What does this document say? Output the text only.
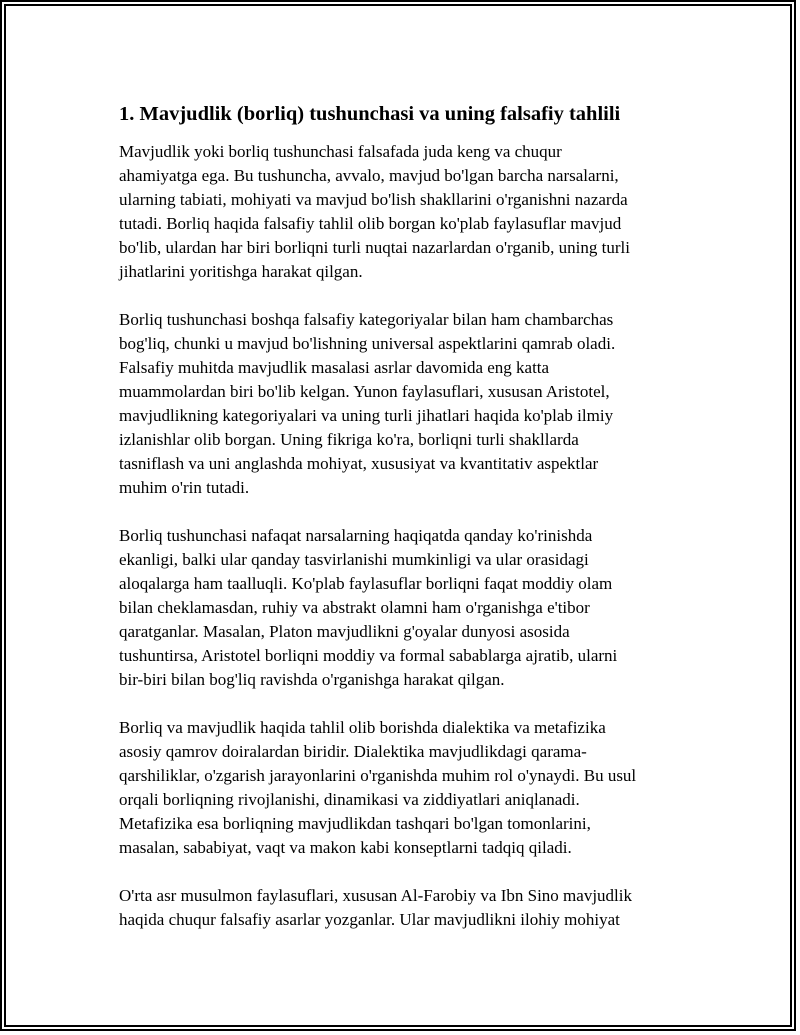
1. Mavjudlik (borliq) tushunchasi va uning falsafiy tahlili

Mavjudlik yoki borliq tushunchasi falsafada juda keng va chuqur
ahamiyatga ega. Bu tushuncha, avvalo, mavjud bo'lgan barcha narsalarni,
ularning tabiati, mohiyati va mavjud bo'lish shakllarini o'rganishni nazarda
tutadi. Borliq haqida falsafiy tahlil olib borgan ko'plab faylasuflar mavjud
bo'lib, ulardan har biri borliqni turli nuqtai nazarlardan o'rganib, uning turli
jihatlarini yoritishga harakat qilgan.

Borliq tushunchasi boshqa falsafiy kategoriyalar bilan ham chambarchas
bog'liq, chunki u mavjud bo'lishning universal aspektlarini qamrab oladi.
Falsafiy muhitda mavjudlik masalasi asrlar davomida eng katta
muammolardan biri bo'lib kelgan. Yunon faylasuflari, xususan Aristotel,
mavjudlikning kategoriyalari va uning turli jihatlari haqida ko'plab ilmiy
izlanishlar olib borgan. Uning fikriga ko'ra, borliqni turli shakllarda
tasniflash va uni anglashda mohiyat, xususiyat va kvantitativ aspektlar
muhim o'rin tutadi.

Borliq tushunchasi nafaqat narsalarning haqiqatda qanday ko'rinishda
ekanligi, balki ular qanday tasvirlanishi mumkinligi va ular orasidagi
aloqalarga ham taalluqli. Ko'plab faylasuflar borliqni faqat moddiy olam
bilan cheklamasdan, ruhiy va abstrakt olamni ham o'rganishga e'tibor
qaratganlar. Masalan, Platon mavjudlikni g'oyalar dunyosi asosida
tushuntirsa, Aristotel borliqni moddiy va formal sabablarga ajratib, ularni
bir-biri bilan bog'liq ravishda o'rganishga harakat qilgan.

Borliq va mavjudlik haqida tahlil olib borishda dialektika va metafizika
asosiy qamrov doiralardan biridir. Dialektika mavjudlikdagi qarama-
qarshiliklar, o'zgarish jarayonlarini o'rganishda muhim rol o'ynaydi. Bu usul
orqali borliqning rivojlanishi, dinamikasi va ziddiyatlari aniqlanadi.
Metafizika esa borliqning mavjudlikdan tashqari bo'lgan tomonlarini,
masalan, sababiyat, vaqt va makon kabi konseptlarni tadqiq qiladi.

O'rta asr musulmon faylasuflari, xususan Al-Farobiy va Ibn Sino mavjudlik
haqida chuqur falsafiy asarlar yozganlar. Ular mavjudlikni ilohiy mohiyat
